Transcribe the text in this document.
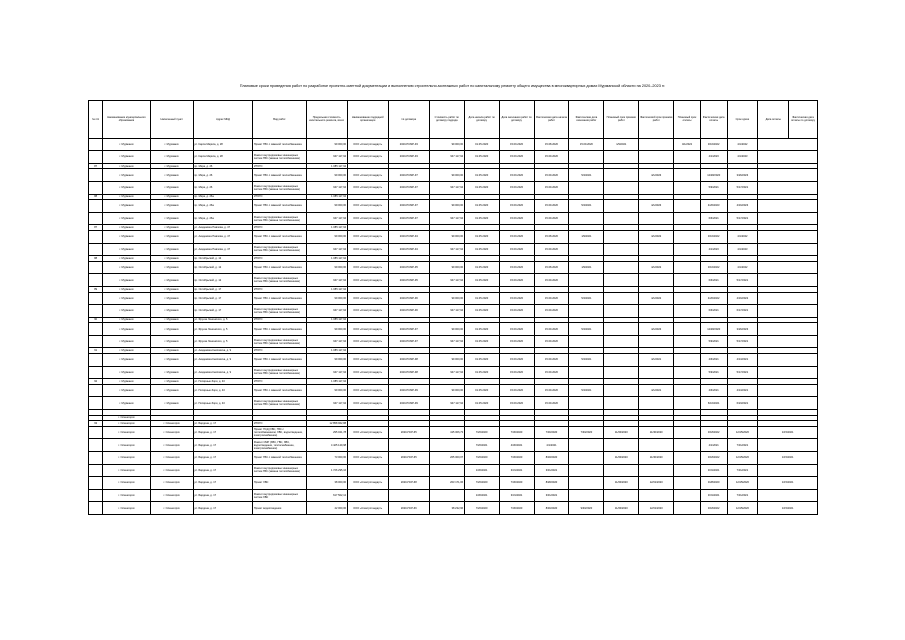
Плановые сроки проведения работ по разработке проектно-сметной документации и выполнению строительно-монтажных работ по капитальному ремонту общего имущества в многоквартирных домах Мурманской области на 2020–2023 гг.
№ п/п	Наименование муниципального образования	Населенный пункт	Адрес МКД	Вид работ	Предельная стоимость капитального ремонта, всего	Наименование подрядной организации	№ договора	Стоимость работ по договору подряда	Дата начала работ по договору	Дата окончания работ по договору	Фактическая дата начала работ	Фактическая дата окончания работ	Плановый срок приемки работ	Фактический срок приемки работ	Плановый срок оплаты	Фактическая дата оплаты	Срок сдачи	Дата оплаты	Фактическая дата оплаты по договору
	г. Мурманск	г. Мурманск	ул. Карла Маркса, д. 28	Проект ГВС с заменой теплообменника	99 000,00	ООО «Спектрстандарт»	2020-ПСМР-93	99 000,00	01.05.2020	15.09.2020	15.08.2020	15.09.2020	1/9/2021		4/1/2022	3/16/2022	4/1/2022		
	г. Мурманск	г. Мурманск	ул. Карла Маркса, д. 28	Ремонт внутридомовых инженерных систем ГВС (замена теплообменника)	947 117,94	ООО «Спектрстандарт»	2020-ПСМР-93	947 117,94	01.05.2020	15.09.2020	15.09.2020					4/1/2023	4/1/2023		
87	г. Мурманск	г. Мурманск	пр. Мира, д. 26	ИТОГО	1 085 117,94														
	г. Мурманск	г. Мурманск	пр. Мира, д. 26	Проект ГВС с заменой теплообменника	99 000,00	ООО «Спектрстандарт»	2020-ПСМР-97	99 000,00	01.05.2020	15.09.2020	15.09.2020	5/4/2021		4/1/2023		12/28/2020	3/26/2023		
	г. Мурманск	г. Мурманск	пр. Мира, д. 26	Ремонт внутридомовых инженерных систем ГВС (замена теплообменника)	947 117,94	ООО «Спектрстандарт»	2020-ПСМР-97	947 117,94	01.05.2020	15.09.2020	15.09.2020					5/9/2021	5/17/2021		
88	г. Мурманск	г. Мурманск	пр. Мира, д. 26а	ИТОГО	1 085 117,94														
	г. Мурманск	г. Мурманск	пр. Мира, д. 26а	Проект ГВС с заменой теплообменника	99 000,00	ООО «Спектрстандарт»	2020-ПСМР-97	99 000,00	01.05.2020	15.09.2020	15.09.2020	5/4/2021		4/1/2023		4/26/2023	4/16/2023		
	г. Мурманск	г. Мурманск	пр. Мира, д. 26а	Ремонт внутридомовых инженерных систем ГВС (замена теплообменника)	947 117,94	ООО «Спектрстандарт»	2020-ПСМР-97	947 117,94	01.05.2020	15.09.2020	15.09.2020					6/6/2021	5/17/2021		
87	г. Мурманск	г. Мурманск	ул. Академика Павлова, д. 47	ИТОГО	1 085 117,94														
	г. Мурманск	г. Мурманск	ул. Академика Павлова, д. 47	Проект ГВС с заменой теплообменника	99 000,00	ООО «Спектрстандарт»	2020-ПСМР-94	99 000,00	01.05.2020	15.09.2020	15.08.2020	1/9/2021		4/1/2022		3/16/2022	4/1/2022		
	г. Мурманск	г. Мурманск	ул. Академика Павлова, д. 47	Ремонт внутридомовых инженерных систем ГВС (замена теплообменника)	947 117,94	ООО «Спектрстандарт»	2020-ПСМР-94	947 117,94	01.05.2020	15.09.2020	15.09.2020					4/1/2023	4/1/2023		
88	г. Мурманск	г. Мурманск	пр. Октябрьский, д. 12	ИТОГО	1 085 117,94														
	г. Мурманск	г. Мурманск	пр. Октябрьский, д. 12	Проект ГВС с заменой теплообменника	99 000,00	ООО «Спектрстандарт»	2020-ПСМР-95	99 000,00	01.05.2020	15.09.2020	15.08.2020	1/9/2021		4/1/2022		3/16/2022	4/1/2022		
	г. Мурманск	г. Мурманск	пр. Октябрьский, д. 12	Ремонт внутридомовых инженерных систем ГВС (замена теплообменника)	947 117,94	ООО «Спектрстандарт»	2020-ПСМР-95	947 117,94	01.05.2020	15.09.2020	15.09.2020					6/6/2021	5/17/2021		
89	г. Мурманск	г. Мурманск	пр. Октябрьский, д. 17	ИТОГО	1 085 117,94														
	г. Мурманск	г. Мурманск	пр. Октябрьский, д. 17	Проект ГВС с заменой теплообменника	99 000,00	ООО «Спектрстандарт»	2020-ПСМР-96	99 000,00	01.05.2020	15.09.2020	15.09.2020	5/4/2021		4/1/2022		4/26/2022	4/16/2022		
	г. Мурманск	г. Мурманск	пр. Октябрьский, д. 17	Ремонт внутридомовых инженерных систем ГВС (замена теплообменника)	947 117,94	ООО «Спектрстандарт»	2020-ПСМР-96	947 117,94	01.05.2020	15.09.2020	15.09.2020					6/6/2021	6/17/2021		
90	г. Мурманск	г. Мурманск	ул. Фрунзе Ленинского, д. 5	ИТОГО	1 085 117,94														
	г. Мурманск	г. Мурманск	ул. Фрунзе Ленинского, д. 5	Проект ГВС с заменой теплообменника	99 000,00	ООО «Спектрстандарт»	2020-ПСМР-97	99 000,00	01.05.2020	15.09.2020	15.09.2020	5/4/2021		4/1/2023		12/28/2020	3/26/2023		
	г. Мурманск	г. Мурманск	ул. Фрунзе Ленинского, д. 5	Ремонт внутридомовых инженерных систем ГВС (замена теплообменника)	947 117,94	ООО «Спектрстандарт»	2020-ПСМР-97	947 117,94	01.05.2020	15.09.2020	15.09.2020					5/9/2021	5/17/2021		
91	г. Мурманск	г. Мурманск	ул. Академика Книповича, д. 9	ИТОГО	1 085 117,94														
	г. Мурманск	г. Мурманск	ул. Академика Книповича, д. 9	Проект ГВС с заменой теплообменника	99 000,00	ООО «Спектрстандарт»	2020-ПСМР-98	99 000,00	01.05.2020	15.09.2020	15.09.2020	5/4/2021		4/1/2021		4/6/2021	4/13/2021		
	г. Мурманск	г. Мурманск	ул. Академика Книповича, д. 9	Ремонт внутридомовых инженерных систем ГВС (замена теплообменника)	947 117,94	ООО «Спектрстандарт»	2020-ПСМР-98	947 117,94	01.05.2020	15.09.2020	15.09.2020					5/9/2021	5/17/2021		
92	г. Мурманск	г. Мурманск	ул. Полярные Зори, д. 43	ИТОГО	1 085 117,94														
	г. Мурманск	г. Мурманск	ул. Полярные Зори, д. 43	Проект ГВС с заменой теплообменника	99 000,00	ООО «Спектрстандарт»	2020-ПСМР-99	99 000,00	01.05.2020	15.09.2020	15.09.2020	5/4/2021		4/1/2021		4/6/2021	4/13/2021		
	г. Мурманск	г. Мурманск	ул. Полярные Зори, д. 43	Ремонт внутридомовых инженерных систем ГВС (замена теплообменника)	947 117,94	ООО «Спектрстандарт»	2020-ПСМР-99	947 117,94	01.05.2020	15.09.2020	15.09.2020					6/16/2021	6/23/2021		

	г. Оленегорск																		
93	г. Оленегорск	г. Оленегорск	ул. Бардина, д. 17	ИТОГО	12 858 962,88														
	г. Оленегорск	г. Оленегорск	ул. Бардина, д. 17	Проект ПСД (ХВС, ГВС с теплообменником, ХВС, водоотведение, электроснабжение)	295 021,78	ООО «Спектрстандарт»	2020-ПСР-65	415 006,73	7/20/2020	7/30/2020	7/30/2020	7/30/2020	11/30/2020	11/30/2020		3/18/2022	12/15/2020	1/15/2021	
	г. Оленегорск	г. Оленегорск	ул. Бардина, д. 17	Ремонт СМР (ХВС, ГВС, ХВС, водоотведение, теплоснабжение, электроснабжение)	4 425 129,98				7/20/2021	4/30/2021	4/1/2021					4/1/2021	7/31/2021		
	г. Оленегорск	г. Оленегорск	ул. Бардина, д. 17	Проект ГВС с заменой теплообменника	73 000,00	ООО «Спектрстандарт»	2020-ПСР-65	205 000,07	7/20/2020	7/30/2020	8/18/2020		11/30/2020	11/30/2020		3/18/2022	12/15/2020	1/15/2021	
	г. Оленегорск	г. Оленегорск	ул. Бардина, д. 17	Ремонт внутридомовых инженерных систем ГВС (замена теплообменника)	1 726 295,16				1/30/2021	3/31/2021	3/31/2021					3/31/2021	7/31/2021		
	г. Оленегорск	г. Оленегорск	ул. Бардина, д. 17	Проект ХВС	38 000,00	ООО «Спектрстандарт»	2020-ПСР-68	203 171,06	7/20/2020	7/30/2020	8/28/2020		11/30/2020	12/31/2020		3/28/2020	12/15/2020	1/15/2021	
	г. Оленегорск	г. Оленегорск	ул. Бардина, д. 17	Ремонт внутридомовых инженерных систем ХВС	617 502,12				1/30/2021	3/31/2021	3/31/2021					3/31/2021	7/31/2021		
	г. Оленегорск	г. Оленегорск	ул. Бардина, д. 17	Проект водоотведения	42 000,00	ООО «Спектрстандарт»	2020-ПСР-66	38 232,96	7/20/2020	7/30/2020	8/30/2020	9/30/2020	11/30/2020	12/31/2020		3/18/2022	12/15/2020	1/15/2021	
